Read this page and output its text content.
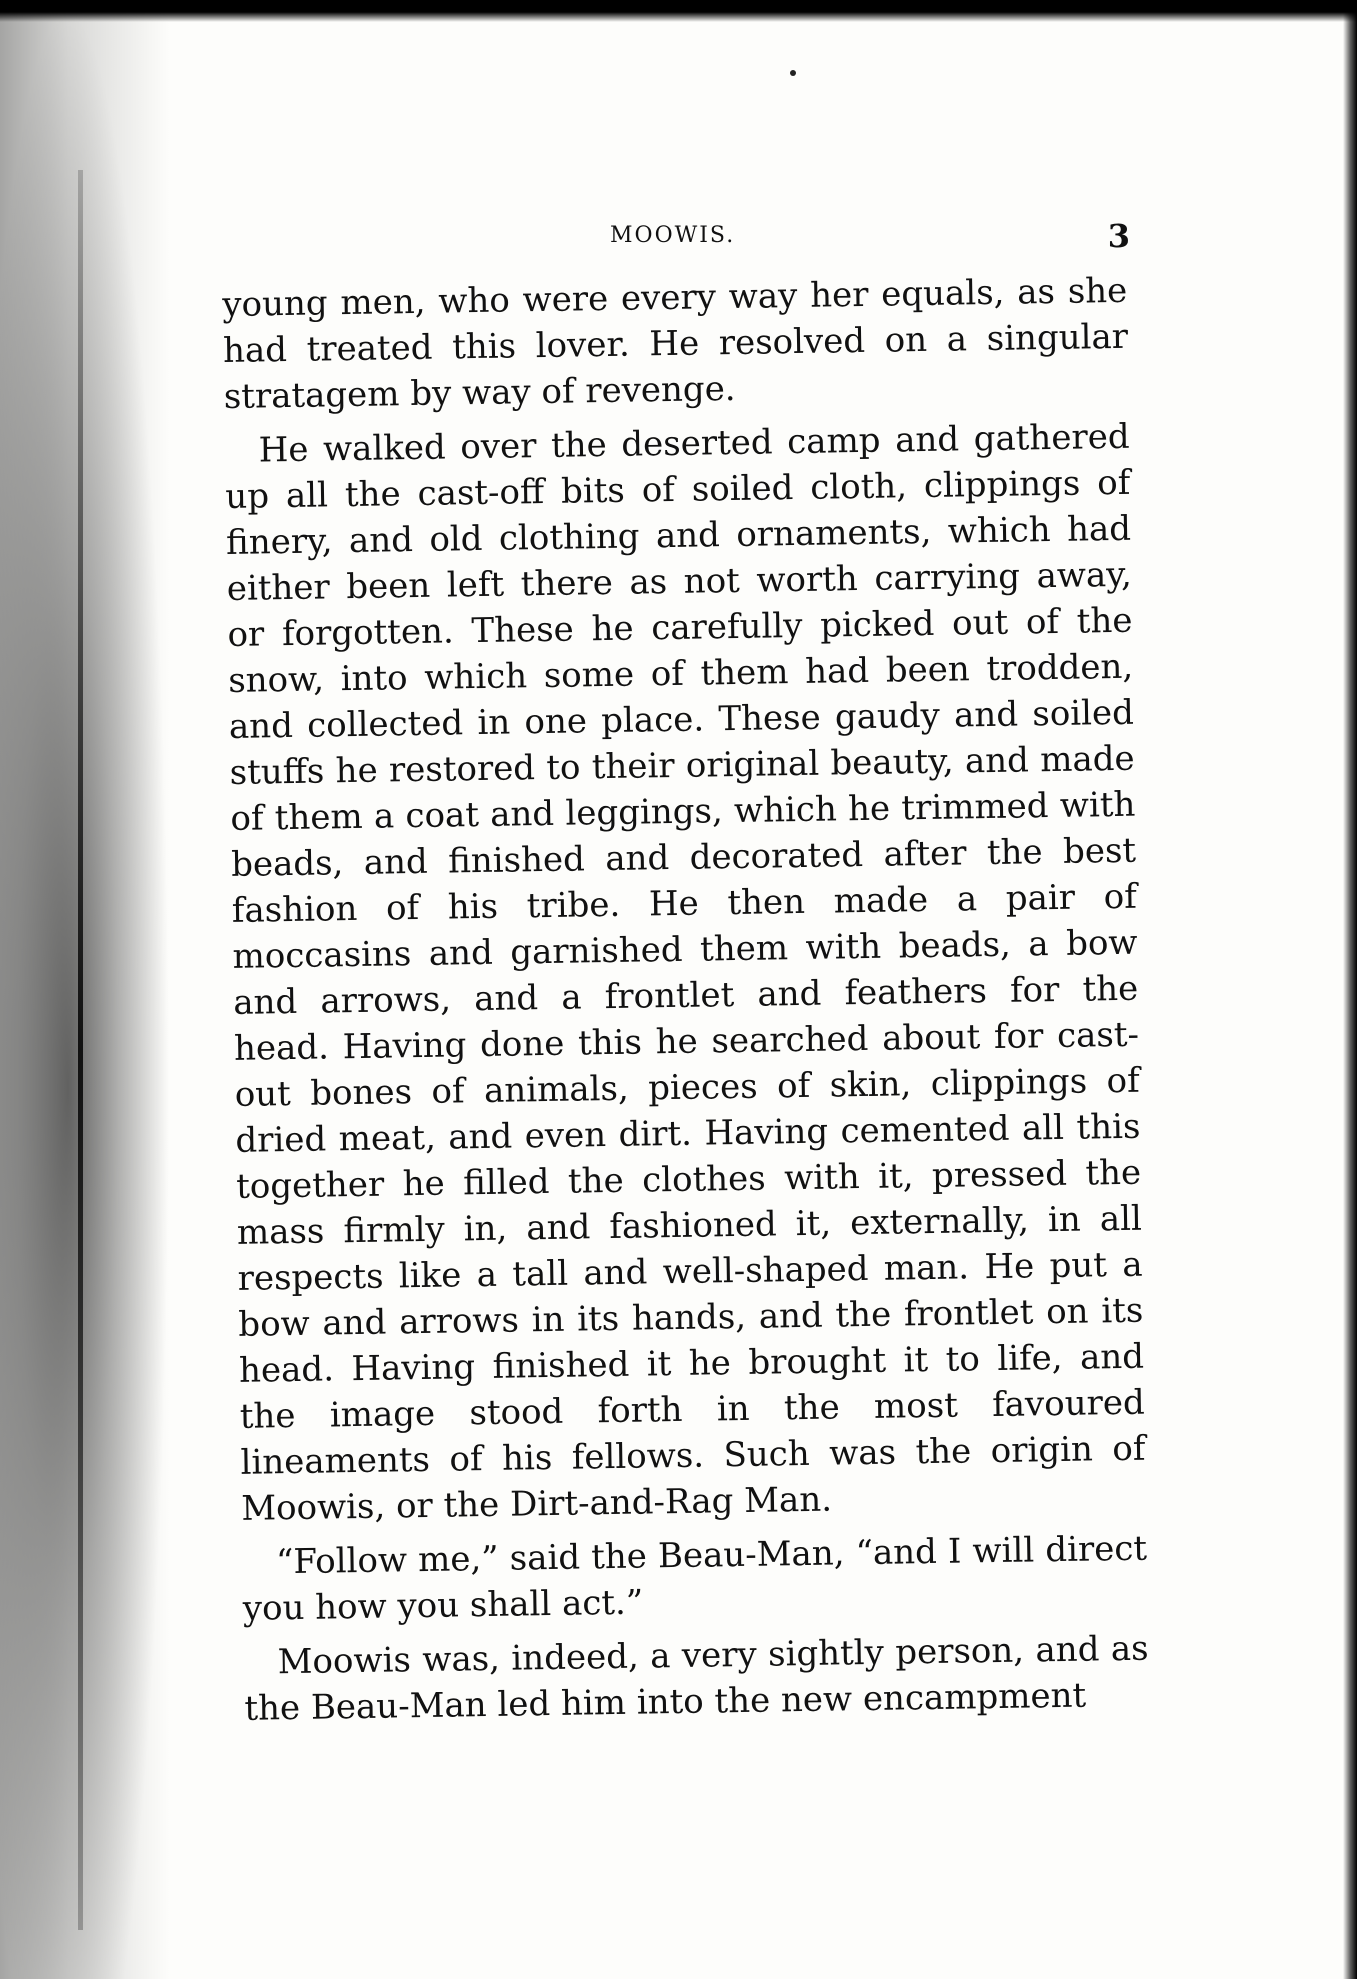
MOOWIS.	3

young men, who were every way her equals, as she had treated this lover. He resolved on a singular stratagem by way of revenge.

He walked over the deserted camp and gathered up all the cast-off bits of soiled cloth, clippings of finery, and old clothing and ornaments, which had either been left there as not worth carrying away, or forgotten. These he carefully picked out of the snow, into which some of them had been trodden, and collected in one place. These gaudy and soiled stuffs he restored to their original beauty, and made of them a coat and leggings, which he trimmed with beads, and finished and decorated after the best fashion of his tribe. He then made a pair of moccasins and garnished them with beads, a bow and arrows, and a frontlet and feathers for the head. Having done this he searched about for cast-out bones of animals, pieces of skin, clippings of dried meat, and even dirt. Having cemented all this together he filled the clothes with it, pressed the mass firmly in, and fashioned it, externally, in all respects like a tall and well-shaped man. He put a bow and arrows in its hands, and the frontlet on its head. Having finished it he brought it to life, and the image stood forth in the most favoured lineaments of his fellows. Such was the origin of Moowis, or the Dirt-and-Rag Man.

“Follow me,” said the Beau-Man, “and I will direct you how you shall act.”

Moowis was, indeed, a very sightly person, and as the Beau-Man led him into the new encampment
